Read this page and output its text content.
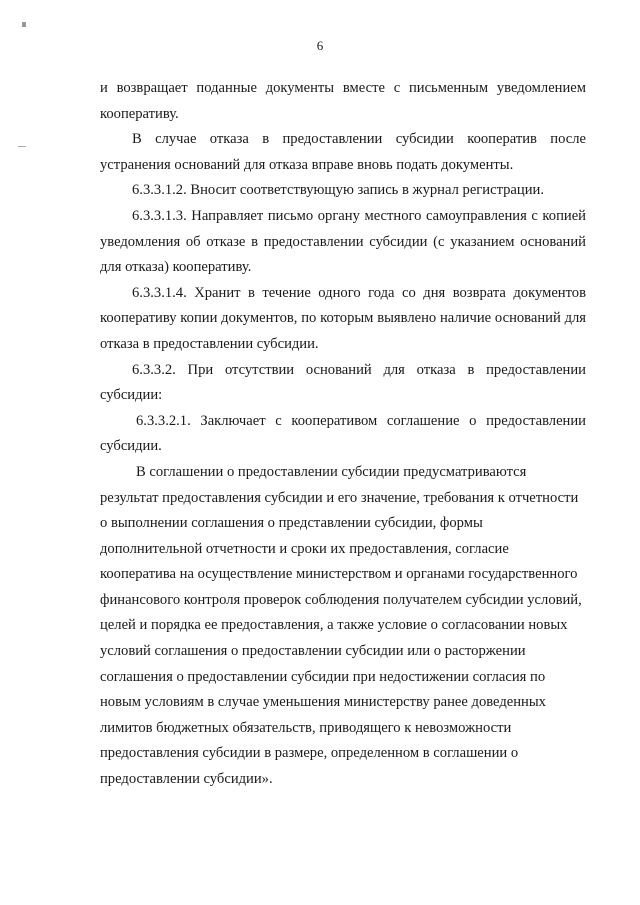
6

и возвращает поданные документы вместе с письменным уведомлением кооперативу.

В случае отказа в предоставлении субсидии кооператив после устранения оснований для отказа вправе вновь подать документы.

6.3.3.1.2. Вносит соответствующую запись в журнал регистрации.

6.3.3.1.3. Направляет письмо органу местного самоуправления с копией уведомления об отказе в предоставлении субсидии (с указанием оснований для отказа) кооперативу.

6.3.3.1.4. Хранит в течение одного года со дня возврата документов кооперативу копии документов, по которым выявлено наличие оснований для отказа в предоставлении субсидии.

6.3.3.2. При отсутствии оснований для отказа в предоставлении субсидии:

6.3.3.2.1. Заключает с кооперативом соглашение о предоставлении субсидии.

В соглашении о предоставлении субсидии предусматриваются результат предоставления субсидии и его значение, требования к отчетности о выполнении соглашения о представлении субсидии, формы дополнительной отчетности и сроки их предоставления, согласие кооператива на осуществление министерством и органами государственного финансового контроля проверок соблюдения получателем субсидии условий, целей и порядка ее предоставления, а также условие о согласовании новых условий соглашения о предоставлении субсидии или о расторжении соглашения о предоставлении субсидии при недостижении согласия по новым условиям в случае уменьшения министерству ранее доведенных лимитов бюджетных обязательств, приводящего к невозможности предоставления субсидии в размере, определенном в соглашении о предоставлении субсидии».
